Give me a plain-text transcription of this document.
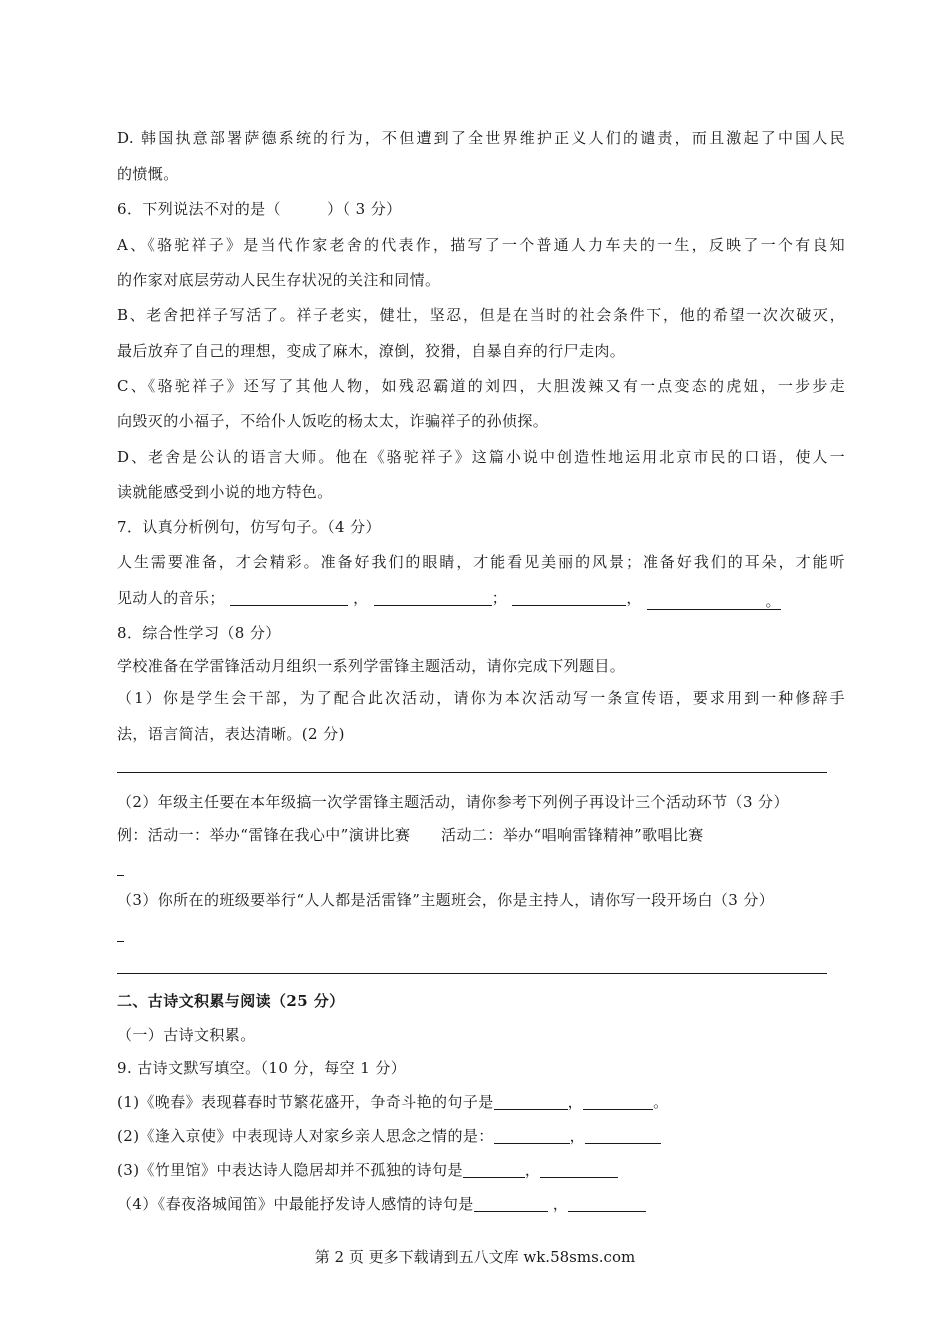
D. 韩国执意部署萨德系统的行为，不但遭到了全世界维护正义人们的谴责，而且激起了中国人民
的愤慨。
6．下列说法不对的是（　　　）（ 3 分）
A、《骆驼祥子》是当代作家老舍的代表作，描写了一个普通人力车夫的一生，反映了一个有良知
的作家对底层劳动人民生存状况的关注和同情。
B、老舍把祥子写活了。祥子老实，健壮，坚忍，但是在当时的社会条件下，他的希望一次次破灭，
最后放弃了自己的理想，变成了麻木，潦倒，狡猾，自暴自弃的行尸走肉。
C、《骆驼祥子》还写了其他人物，如残忍霸道的刘四，大胆泼辣又有一点变态的虎妞，一步步走
向毁灭的小福子，不给仆人饭吃的杨太太，诈骗祥子的孙侦探。
D、老舍是公认的语言大师。他在《骆驼祥子》这篇小说中创造性地运用北京市民的口语，使人一
读就能感受到小说的地方特色。
7．认真分析例句，仿写句子。（4 分）
人生需要准备，才会精彩。准备好我们的眼睛，才能看见美丽的风景；准备好我们的耳朵，才能听
见动人的音乐；	，	；	，	。
8．综合性学习（8 分）
学校准备在学雷锋活动月组织一系列学雷锋主题活动，请你完成下列题目。
（1）你是学生会干部，为了配合此次活动，请你为本次活动写一条宣传语，要求用到一种修辞手
法，语言简洁，表达清晰。(2 分)
（2）年级主任要在本年级搞一次学雷锋主题活动，请你参考下列例子再设计三个活动环节（3 分）
例：活动一：举办“雷锋在我心中”演讲比赛　　活动二：举办“唱响雷锋精神”歌唱比赛
（3）你所在的班级要举行“人人都是活雷锋”主题班会，你是主持人，请你写一段开场白（3 分）
二、古诗文积累与阅读（25 分）
（一）古诗文积累。
9. 古诗文默写填空。（10 分，每空 1 分）
(1)《晚春》表现暮春时节繁花盛开，争奇斗艳的句子是	，	。
(2)《逢入京使》中表现诗人对家乡亲人思念之情的是：	，
(3)《竹里馆》中表达诗人隐居却并不孤独的诗句是	，
（4）《春夜洛城闻笛》中最能抒发诗人感情的诗句是	，
第 2 页 更多下载请到五八文库 wk.58sms.com
